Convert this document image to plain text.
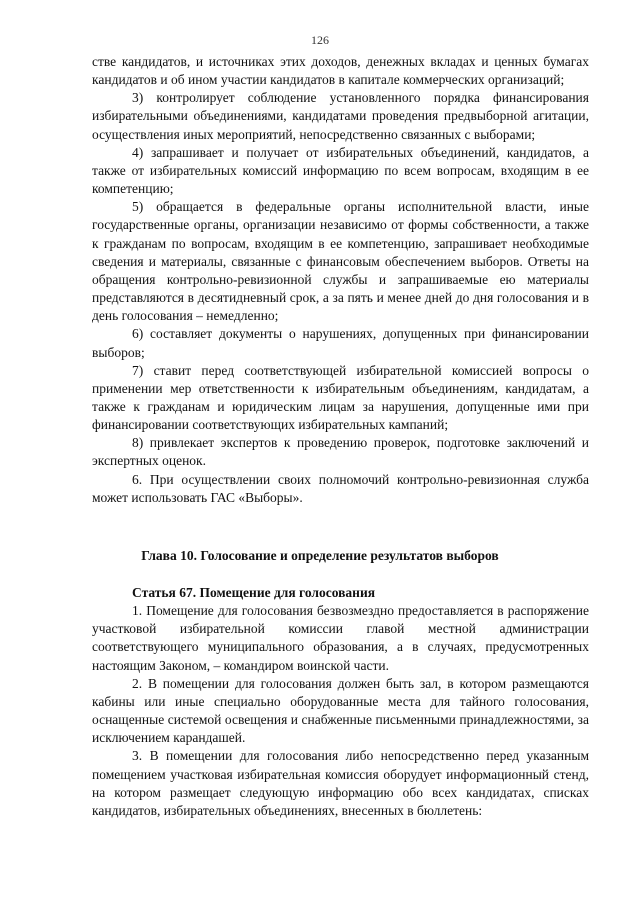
126

стве кандидатов, и источниках этих доходов, денежных вкладах и ценных бумагах кандидатов и об ином участии кандидатов в капитале коммерческих организаций;

3) контролирует соблюдение установленного порядка финансирования избирательными объединениями, кандидатами проведения предвыборной агитации, осуществления иных мероприятий, непосредственно связанных с выборами;

4) запрашивает и получает от избирательных объединений, кандидатов, а также от избирательных комиссий информацию по всем вопросам, входящим в ее компетенцию;

5) обращается в федеральные органы исполнительной власти, иные государственные органы, организации независимо от формы собственности, а также к гражданам по вопросам, входящим в ее компетенцию, запрашивает необходимые сведения и материалы, связанные с финансовым обеспечением выборов. Ответы на обращения контрольно-ревизионной службы и запрашиваемые ею материалы представляются в десятидневный срок, а за пять и менее дней до дня голосования и в день голосования – немедленно;

6) составляет документы о нарушениях, допущенных при финансировании выборов;

7) ставит перед соответствующей избирательной комиссией вопросы о применении мер ответственности к избирательным объединениям, кандидатам, а также к гражданам и юридическим лицам за нарушения, допущенные ими при финансировании соответствующих избирательных кампаний;

8) привлекает экспертов к проведению проверок, подготовке заключений и экспертных оценок.

6. При осуществлении своих полномочий контрольно-ревизионная служба может использовать ГАС «Выборы».

Глава 10. Голосование и определение результатов выборов

Статья 67. Помещение для голосования

1. Помещение для голосования безвозмездно предоставляется в распоряжение участковой избирательной комиссии главой местной администрации соответствующего муниципального образования, а в случаях, предусмотренных настоящим Законом, – командиром воинской части.

2. В помещении для голосования должен быть зал, в котором размещаются кабины или иные специально оборудованные места для тайного голосования, оснащенные системой освещения и снабженные письменными принадлежностями, за исключением карандашей.

3. В помещении для голосования либо непосредственно перед указанным помещением участковая избирательная комиссия оборудует информационный стенд, на котором размещает следующую информацию обо всех кандидатах, списках кандидатов, избирательных объединениях, внесенных в бюллетень:
